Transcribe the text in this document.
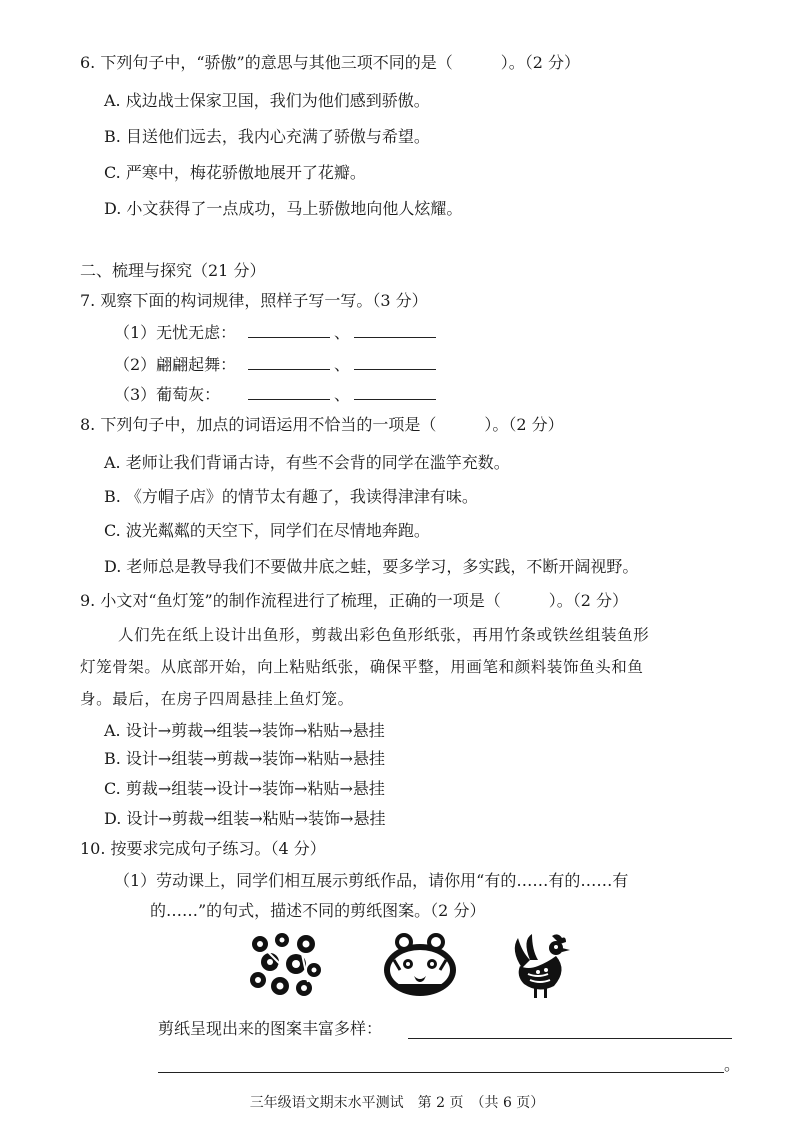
6. 下列句子中，“骄傲”的意思与其他三项不同的是（　　　）。（2 分）
A. 戍边战士保家卫国，我们为他们感到骄傲。
B. 目送他们远去，我内心充满了骄傲与希望。
C. 严寒中，梅花骄傲地展开了花瓣。
D. 小文获得了一点成功，马上骄傲地向他人炫耀。
二、梳理与探究（21 分）
7. 观察下面的构词规律，照样子写一写。（3 分）
（1）无忧无虑：	、
（2）翩翩起舞：	、
（3）葡萄灰：	、
8. 下列句子中，加点的词语运用不恰当的一项是（　　　）。（2 分）
A. 老师让我们背诵古诗，有些不会背的同学在滥竽充数。
B. 《方帽子店》的情节太有趣了，我读得津津有味。
C. 波光粼粼的天空下，同学们在尽情地奔跑。
D. 老师总是教导我们不要做井底之蛙，要多学习，多实践，不断开阔视野。
9. 小文对“鱼灯笼”的制作流程进行了梳理，正确的一项是（　　　）。（2 分）
人们先在纸上设计出鱼形，剪裁出彩色鱼形纸张，再用竹条或铁丝组装鱼形
灯笼骨架。从底部开始，向上粘贴纸张，确保平整，用画笔和颜料装饰鱼头和鱼
身。最后，在房子四周悬挂上鱼灯笼。
A. 设计→剪裁→组装→装饰→粘贴→悬挂
B. 设计→组装→剪裁→装饰→粘贴→悬挂
C. 剪裁→组装→设计→装饰→粘贴→悬挂
D. 设计→剪裁→组装→粘贴→装饰→悬挂
10. 按要求完成句子练习。（4 分）
（1）劳动课上，同学们相互展示剪纸作品，请你用“有的……有的……有
的……”的句式，描述不同的剪纸图案。（2 分）
剪纸呈现出来的图案丰富多样：
。
三年级语文期末水平测试　第 2 页　（共 6 页）
